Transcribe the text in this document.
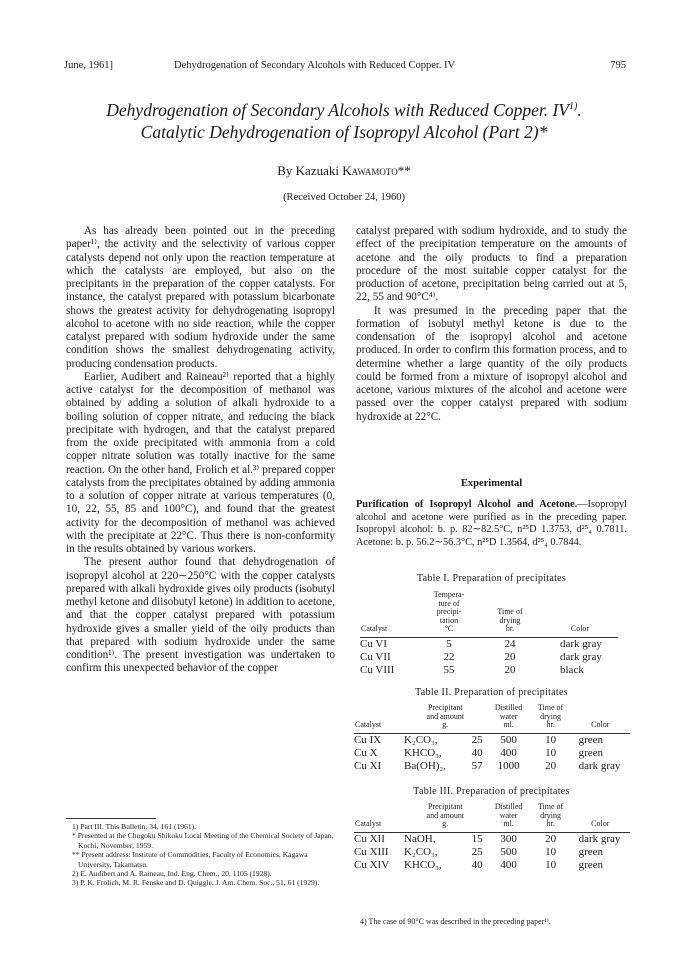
June, 1961]	Dehydrogenation of Secondary Alcohols with Reduced Copper. IV	795
Dehydrogenation of Secondary Alcohols with Reduced Copper. IV$^{1)}$.
Catalytic Dehydrogenation of Isopropyl Alcohol (Part 2)*
By Kazuaki Kawamoto**
(Received October 24, 1960)

As has already been pointed out in the preceding paper¹⁾, the activity and the selectivity of various copper catalysts depend not only upon the reaction temperature at which the catalysts are employed, but also on the precipitants in the preparation of the copper catalysts. For instance, the catalyst prepared with potassium bicarbonate shows the greatest activity for dehydrogenating isopropyl alcohol to acetone with no side reaction, while the copper catalyst prepared with sodium hydroxide under the same condition shows the smallest dehydrogenating activity, producing condensation products.

Earlier, Audibert and Raineau²⁾ reported that a highly active catalyst for the decomposition of methanol was obtained by adding a solution of alkali hydroxide to a boiling solution of copper nitrate, and reducing the black precipitate with hydrogen, and that the catalyst prepared from the oxide precipitated with ammonia from a cold copper nitrate solution was totally inactive for the same reaction. On the other hand, Frolich et al.³⁾ prepared copper catalysts from the precipitates obtained by adding ammonia to a solution of copper nitrate at various temperatures (0, 10, 22, 55, 85 and 100°C), and found that the greatest activity for the decomposition of methanol was achieved with the precipitate at 22°C. Thus there is non-conformity in the results obtained by various workers.

The present author found that dehydrogenation of isopropyl alcohol at 220∼250°C with the copper catalysts prepared with alkali hydroxide gives oily products (isobutyl methyl ketone and diisobutyl ketone) in addition to acetone, and that the copper catalyst prepared with potassium hydroxide gives a smaller yield of the oily products than that prepared with sodium hydroxide under the same condition¹⁾. The present investigation was undertaken to confirm this unexpected behavior of the copper

catalyst prepared with sodium hydroxide, and to study the effect of the precipitation temperature on the amounts of acetone and the oily products to find a preparation procedure of the most suitable copper catalyst for the production of acetone, precipitation being carried out at 5, 22, 55 and 90°C⁴⁾.

It was presumed in the preceding paper that the formation of isobutyl methyl ketone is due to the condensation of the isopropyl alcohol and acetone produced. In order to confirm this formation process, and to determine whether a large quantity of the oily products could be formed from a mixture of isopropyl alcohol and acetone, various mixtures of the alcohol and acetone were passed over the copper catalyst prepared with sodium hydroxide at 22°C.

Experimental
Purification of Isopropyl Alcohol and Acetone.—Isopropyl alcohol and acetone were purified as in the preceding paper. Isopropyl alcohol: b. p. 82∼82.5°C, n²⁵D 1.3753, d²⁵₄ 0.7811. Acetone: b. p. 56.2∼56.3°C, n²⁵D 1.3564, d²⁵₄ 0.7844.
Table I. Preparation of precipitates
Catalyst	Tempera-
ture of
precipi-
tation
°C	Time of
drying
hr.	Color

Cu VI	5	24	dark gray
Cu VII	22	20	dark gray
Cu VIII	55	20	black
Table II. Preparation of precipitates
Catalyst	Precipitant
and amount
g.		Distilled
water
ml.	Time of
drying
hr.	Color

Cu IX	K₂CO₃,	25	500	10	green
Cu X	KHCO₃,	40	400	10	green
Cu XI	Ba(OH)₂,	57	1000	20	dark gray
Table III. Preparation of precipitates
Catalyst	Precipitant
and amount
g.		Distilled
water
ml.	Time of
drying
hr.	Color

Cu XII	NaOH,	15	300	20	dark gray
Cu XIII	K₂CO₃,	25	500	10	green
Cu XIV	KHCO₃,	40	400	10	green
1) Part III. This Bulletin, 34, 161 (1961).
* Presented at the Chugoku Shikoku Local Meeting of the Chemical Society of Japan, Kochi, November, 1959.
** Present address: Institute of Commodities, Faculty of Economics, Kagawa University, Takamatsu.
2) E. Audibert and A. Raineau, Ind. Eng. Chem., 20, 1105 (1928).
3) P. K. Frolich, M. R. Fenske and D. Quiggle, J. Am. Chem. Soc., 51, 61 (1929).
4) The case of 90°C was described in the preceding paper¹⁾.
